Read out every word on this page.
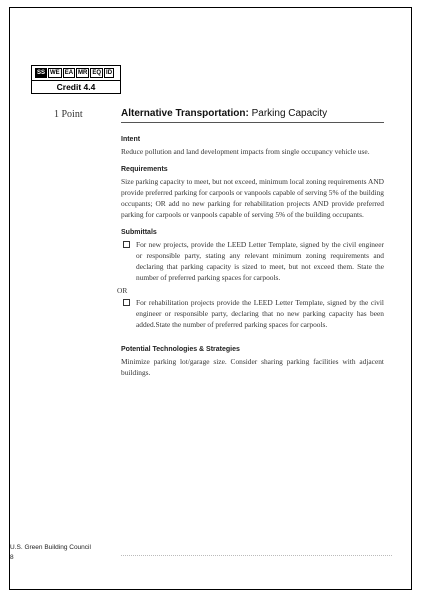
SS WE EA MR EQ ID
Credit 4.4
1 Point	Alternative Transportation: Parking Capacity

Intent

Reduce pollution and land development impacts from single occupancy vehicle use.

Requirements

Size parking capacity to meet, but not exceed, minimum local zoning requirements AND provide preferred parking for carpools or vanpools capable of serving 5% of the building occupants; OR add no new parking for rehabilitation projects AND provide preferred parking for carpools or vanpools capable of serving 5% of the building occupants.

Submittals

For new projects, provide the LEED Letter Template, signed by the civil engineer or responsible party, stating any relevant minimum zoning requirements and declaring that parking capacity is sized to meet, but not exceed them. State the number of preferred parking spaces for carpools.

OR

For rehabilitation projects provide the LEED Letter Template, signed by the civil engineer or responsible party, declaring that no new parking capacity has been added.State the number of preferred parking spaces for carpools.

Potential Technologies & Strategies

Minimize parking lot/garage size. Consider sharing parking facilities with adjacent buildings.

U.S. Green Building Council
8
